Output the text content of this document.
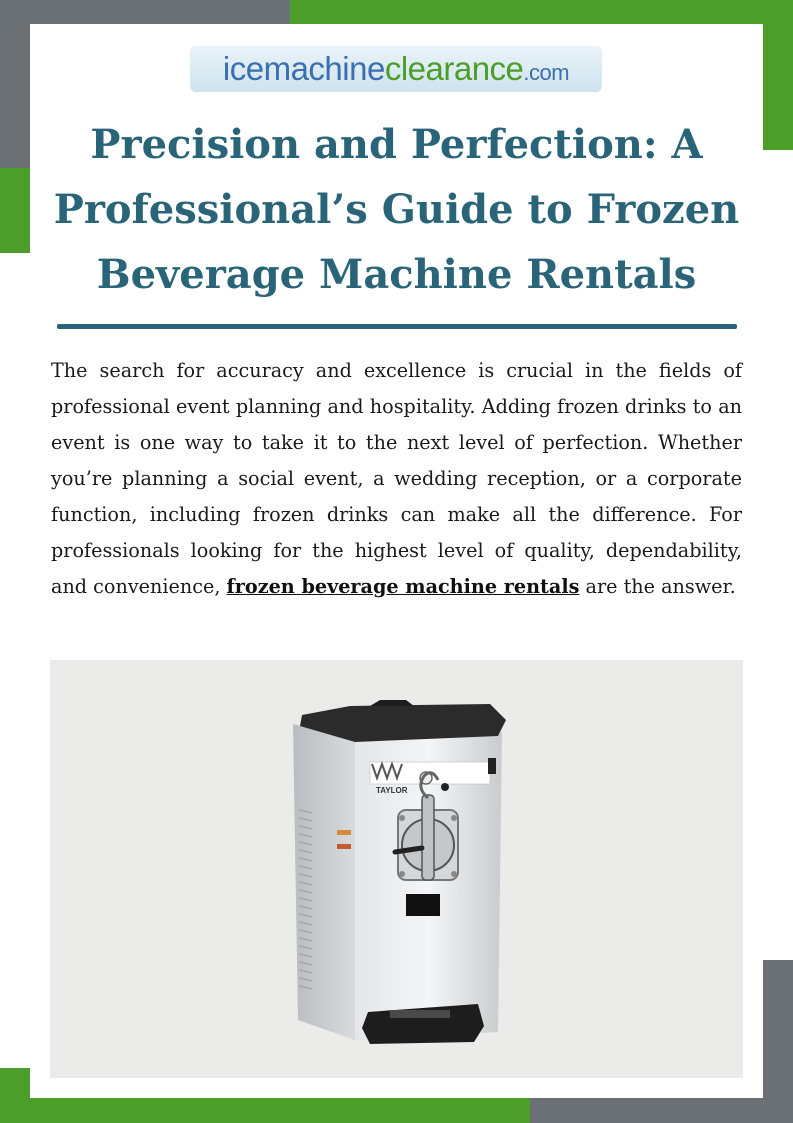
icemachine clearance .com
Precision and Perfection: A Professional’s Guide to Frozen Beverage Machine Rentals

The search for accuracy and excellence is crucial in the fields of professional event planning and hospitality. Adding frozen drinks to an event is one way to take it to the next level of perfection. Whether you’re planning a social event, a wedding reception, or a corporate function, including frozen drinks can make all the difference. For professionals looking for the highest level of quality, dependability, and convenience, frozen beverage machine rentals are the answer.

TAYLOR
